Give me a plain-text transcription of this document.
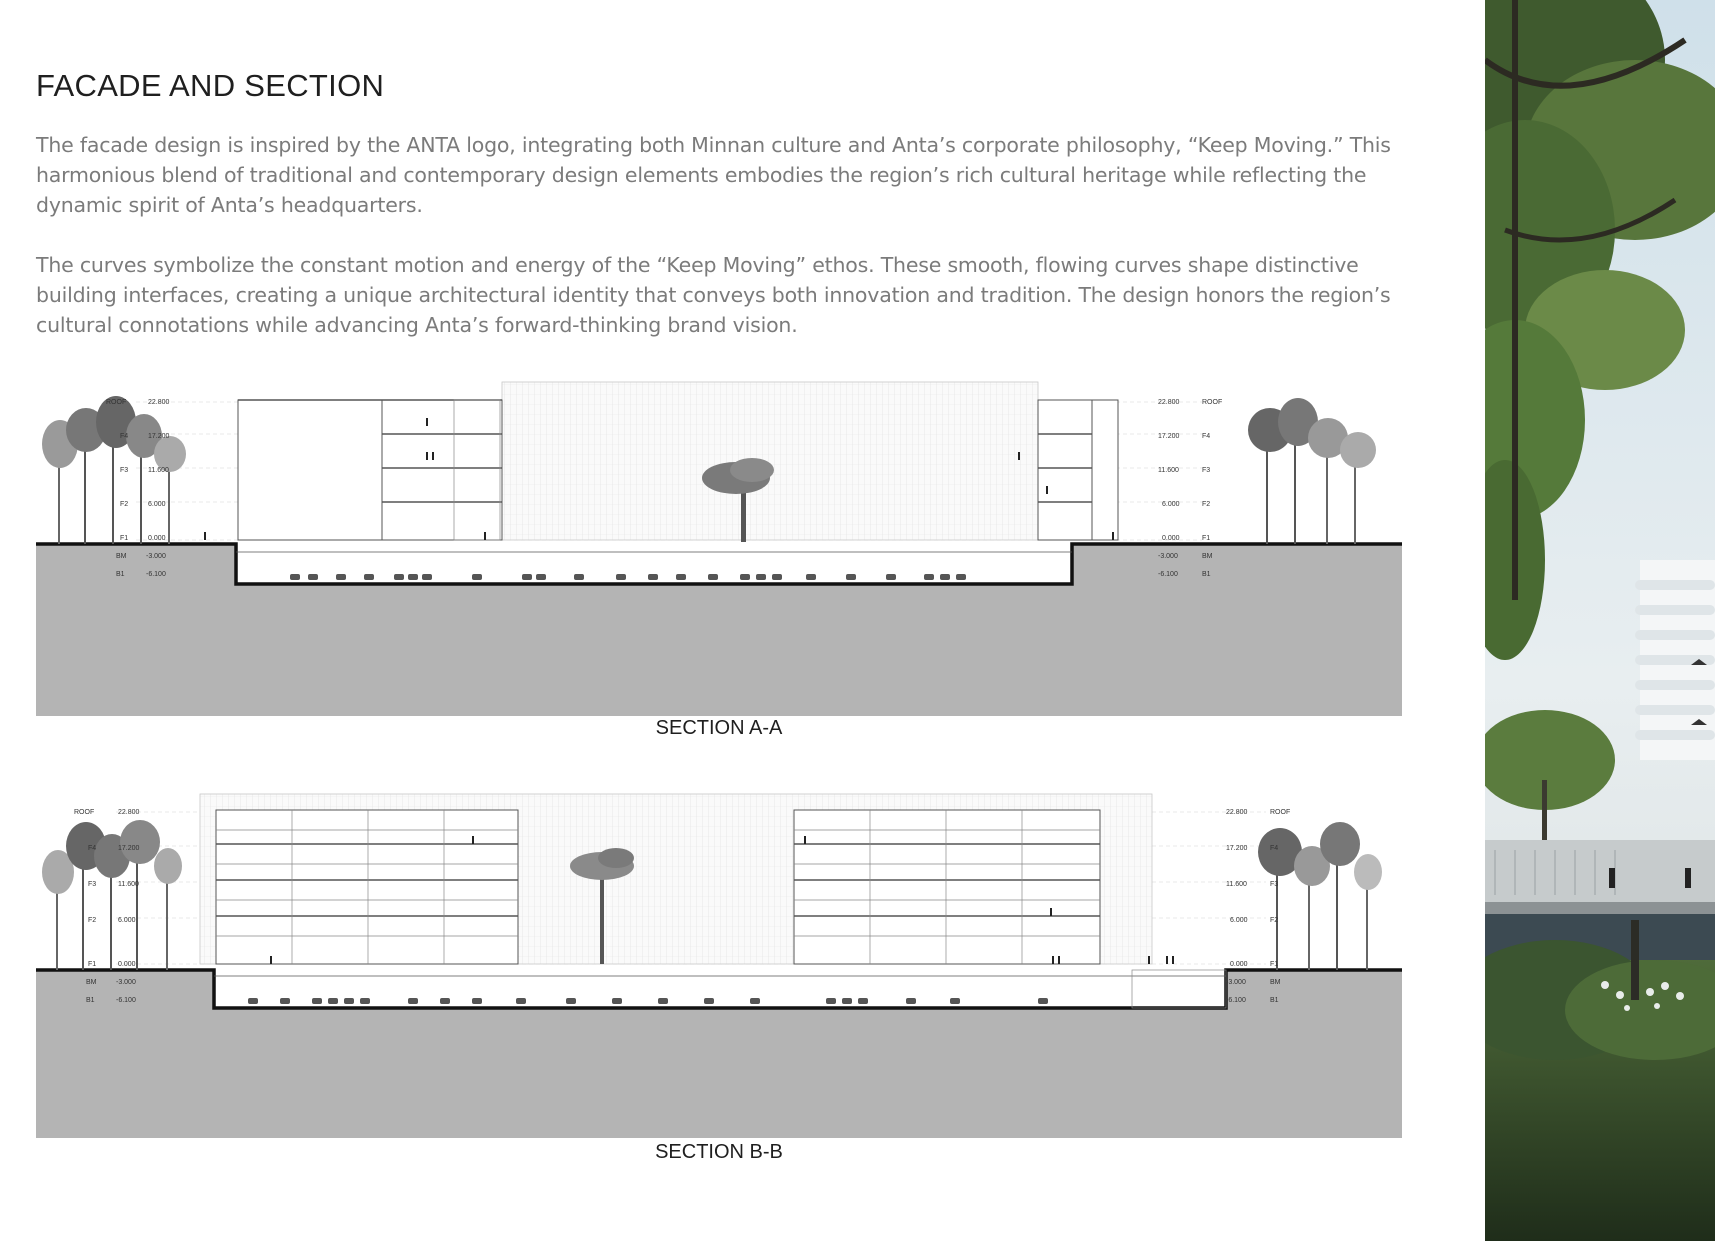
FACADE AND SECTION

The facade design is inspired by the ANTA logo, integrating both Minnan culture and Anta’s corporate philosophy, “Keep Moving.” This harmonious blend of traditional and contemporary design elements embodies the region’s rich cultural heritage while reflecting the dynamic spirit of Anta’s headquarters.

The curves symbolize the constant motion and energy of the “Keep Moving” ethos. These smooth, flowing curves shape distinctive building interfaces, creating a unique architectural identity that conveys both innovation and tradition. The design honors the region’s cultural connotations while advancing Anta’s forward-thinking brand vision.

ROOF	22.800
F4	17.200
F3	11.600
F2	6.000
F1	0.000
BM	-3.000
B1	-6.100
22.800	ROOF
17.200	F4
11.600	F3
6.000	F2
0.000	F1
-3.000	BM
-6.100	B1

SECTION A-A

ROOF	22.800
F4	17.200
F3	11.600
F2	6.000
F1	0.000
BM	-3.000
B1	-6.100
22.800	ROOF
17.200	F4
11.600	F3
6.000	F2
0.000	F1
-3.000	BM
-6.100	B1

SECTION B-B
